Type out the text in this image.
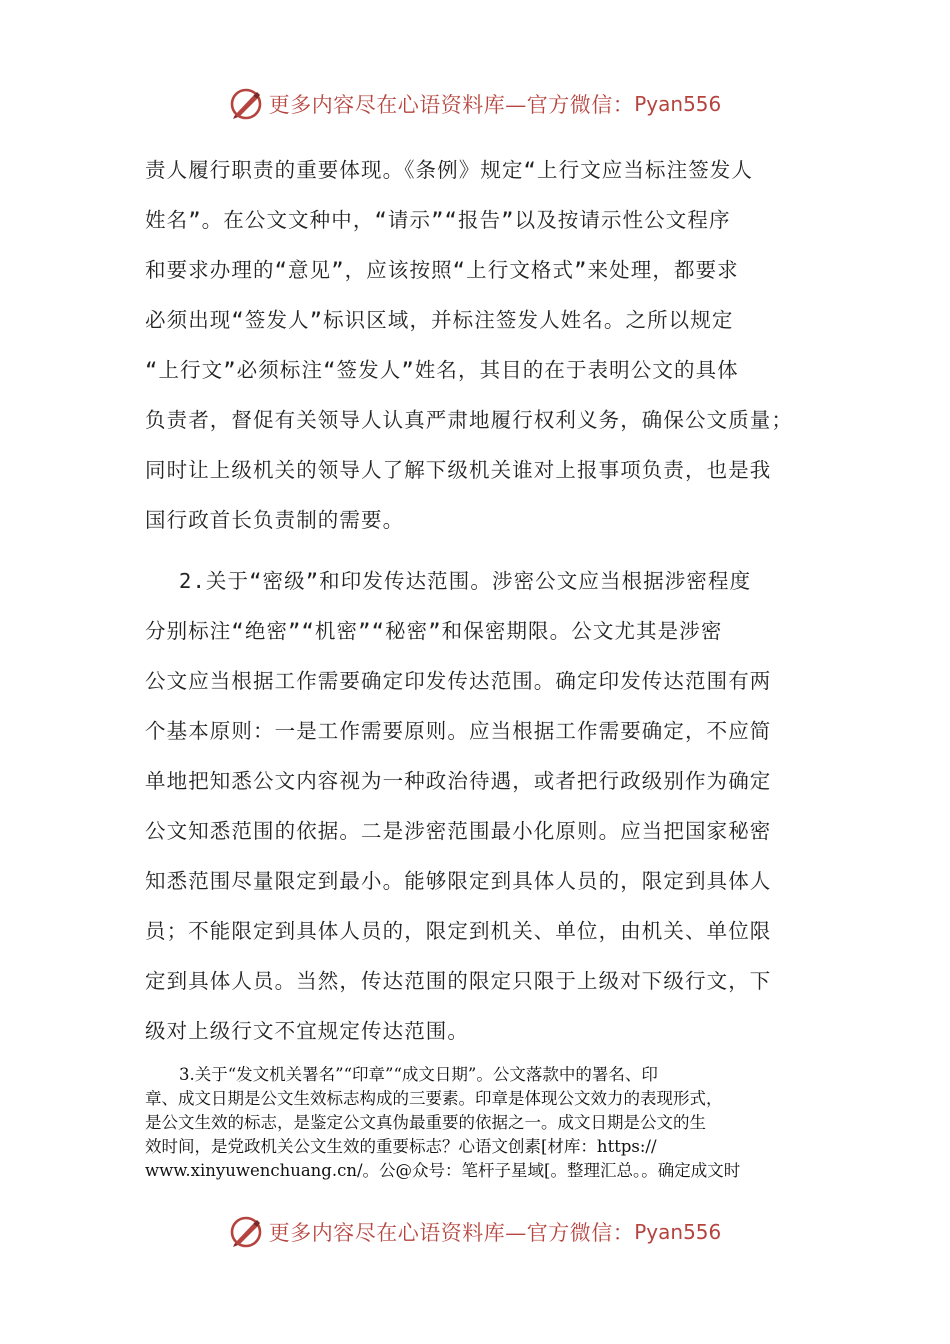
更多内容尽在心语资料库—官方微信： Pyan556
责人履行职责的重要体现。《条例》规定“上行文应当标注签发人
姓名”。在公文文种中，“请示”“报告”以及按请示性公文程序
和要求办理的“意见”，应该按照“上行文格式”来处理，都要求
必须出现“签发人”标识区域，并标注签发人姓名。之所以规定
“上行文”必须标注“签发人”姓名，其目的在于表明公文的具体
负责者，督促有关领导人认真严肃地履行权利义务，确保公文质量；
同时让上级机关的领导人了解下级机关谁对上报事项负责，也是我
国行政首长负责制的需要。
2.关于“密级”和印发传达范围。涉密公文应当根据涉密程度
分别标注“绝密”“机密”“秘密”和保密期限。公文尤其是涉密
公文应当根据工作需要确定印发传达范围。确定印发传达范围有两
个基本原则：一是工作需要原则。应当根据工作需要确定，不应简
单地把知悉公文内容视为一种政治待遇，或者把行政级别作为确定
公文知悉范围的依据。二是涉密范围最小化原则。应当把国家秘密
知悉范围尽量限定到最小。能够限定到具体人员的，限定到具体人
员；不能限定到具体人员的，限定到机关、单位，由机关、单位限
定到具体人员。当然，传达范围的限定只限于上级对下级行文，下
级对上级行文不宜规定传达范围。
3.关于“发文机关署名”“印章”“成文日期”。公文落款中的署名、印
章、成文日期是公文生效标志构成的三要素。印章是体现公文效力的表现形式，
是公文生效的标志，是鉴定公文真伪最重要的依据之一。成文日期是公文的生
效时间，是党政机关公文生效的重要标志？心语文创素[材库：https://
www.xinyuwenchuang.cn/。公@众号：笔杆子星域[。整理汇总。。确定成文时
更多内容尽在心语资料库—官方微信： Pyan556
